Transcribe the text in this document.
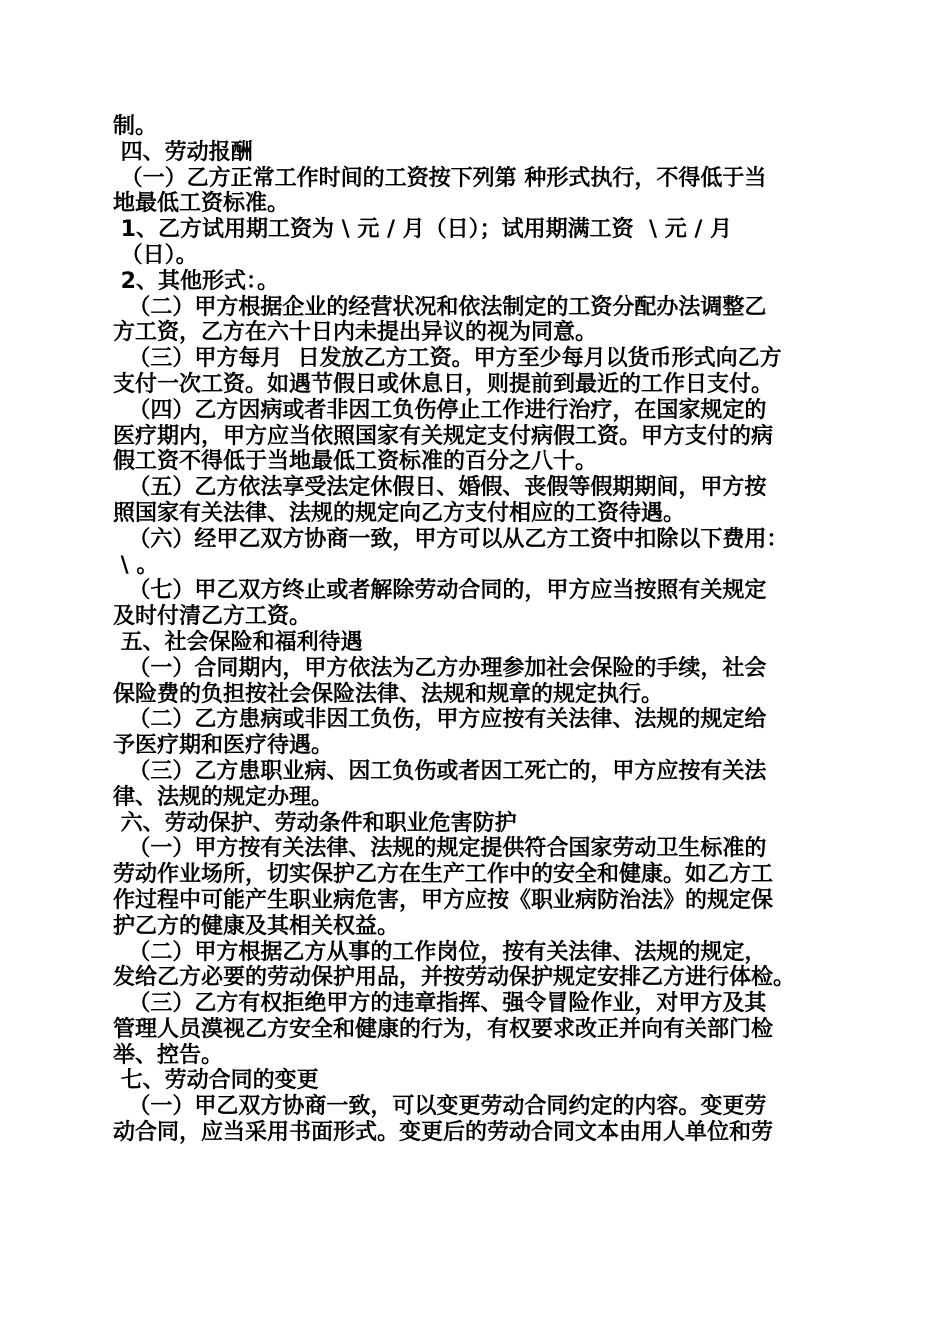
制。
四、劳动报酬
（一）乙方正常工作时间的工资按下列第 种形式执行，不得低于当
地最低工资标准。
1、乙方试用期工资为 \ 元 / 月（日）；试用期满工资  \ 元 / 月
（日）。
2、其他形式：。
（二）甲方根据企业的经营状况和依法制定的工资分配办法调整乙
方工资，乙方在六十日内未提出异议的视为同意。
（三）甲方每月  日发放乙方工资。甲方至少每月以货币形式向乙方
支付一次工资。如遇节假日或休息日，则提前到最近的工作日支付。
（四）乙方因病或者非因工负伤停止工作进行治疗，在国家规定的
医疗期内，甲方应当依照国家有关规定支付病假工资。甲方支付的病
假工资不得低于当地最低工资标准的百分之八十。
（五）乙方依法享受法定休假日、婚假、丧假等假期期间，甲方按
照国家有关法律、法规的规定向乙方支付相应的工资待遇。
（六）经甲乙双方协商一致，甲方可以从乙方工资中扣除以下费用：
\ 。
（七）甲乙双方终止或者解除劳动合同的，甲方应当按照有关规定
及时付清乙方工资。
五、社会保险和福利待遇
（一）合同期内，甲方依法为乙方办理参加社会保险的手续，社会
保险费的负担按社会保险法律、法规和规章的规定执行。
（二）乙方患病或非因工负伤，甲方应按有关法律、法规的规定给
予医疗期和医疗待遇。
（三）乙方患职业病、因工负伤或者因工死亡的，甲方应按有关法
律、法规的规定办理。
六、劳动保护、劳动条件和职业危害防护
（一）甲方按有关法律、法规的规定提供符合国家劳动卫生标准的
劳动作业场所，切实保护乙方在生产工作中的安全和健康。如乙方工
作过程中可能产生职业病危害，甲方应按《职业病防治法》的规定保
护乙方的健康及其相关权益。
（二）甲方根据乙方从事的工作岗位，按有关法律、法规的规定，
发给乙方必要的劳动保护用品，并按劳动保护规定安排乙方进行体检。
（三）乙方有权拒绝甲方的违章指挥、强令冒险作业，对甲方及其
管理人员漠视乙方安全和健康的行为，有权要求改正并向有关部门检
举、控告。
七、劳动合同的变更
（一）甲乙双方协商一致，可以变更劳动合同约定的内容。变更劳
动合同，应当采用书面形式。变更后的劳动合同文本由用人单位和劳
